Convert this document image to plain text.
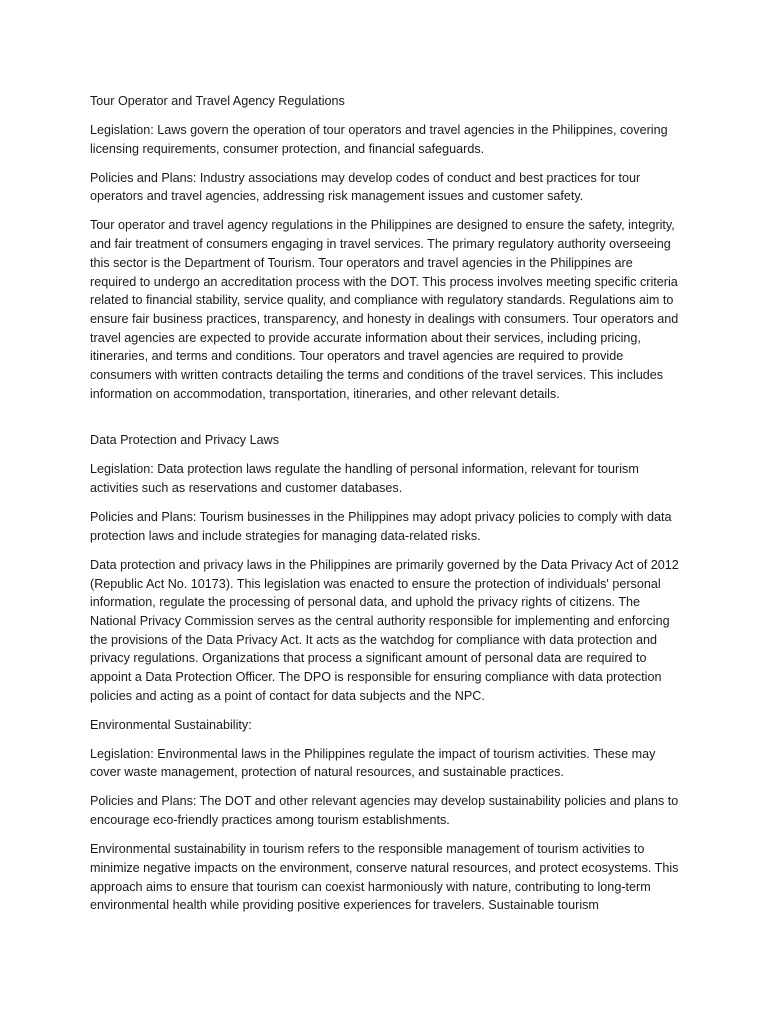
Tour Operator and Travel Agency Regulations

Legislation: Laws govern the operation of tour operators and travel agencies in the Philippines, covering licensing requirements, consumer protection, and financial safeguards.

Policies and Plans: Industry associations may develop codes of conduct and best practices for tour operators and travel agencies, addressing risk management issues and customer safety.

Tour operator and travel agency regulations in the Philippines are designed to ensure the safety, integrity, and fair treatment of consumers engaging in travel services. The primary regulatory authority overseeing this sector is the Department of Tourism. Tour operators and travel agencies in the Philippines are required to undergo an accreditation process with the DOT. This process involves meeting specific criteria related to financial stability, service quality, and compliance with regulatory standards. Regulations aim to ensure fair business practices, transparency, and honesty in dealings with consumers. Tour operators and travel agencies are expected to provide accurate information about their services, including pricing, itineraries, and terms and conditions. Tour operators and travel agencies are required to provide consumers with written contracts detailing the terms and conditions of the travel services. This includes information on accommodation, transportation, itineraries, and other relevant details.

Data Protection and Privacy Laws

Legislation: Data protection laws regulate the handling of personal information, relevant for tourism activities such as reservations and customer databases.

Policies and Plans: Tourism businesses in the Philippines may adopt privacy policies to comply with data protection laws and include strategies for managing data-related risks.

Data protection and privacy laws in the Philippines are primarily governed by the Data Privacy Act of 2012 (Republic Act No. 10173). This legislation was enacted to ensure the protection of individuals' personal information, regulate the processing of personal data, and uphold the privacy rights of citizens. The National Privacy Commission serves as the central authority responsible for implementing and enforcing the provisions of the Data Privacy Act. It acts as the watchdog for compliance with data protection and privacy regulations. Organizations that process a significant amount of personal data are required to appoint a Data Protection Officer. The DPO is responsible for ensuring compliance with data protection policies and acting as a point of contact for data subjects and the NPC.

Environmental Sustainability:

Legislation: Environmental laws in the Philippines regulate the impact of tourism activities. These may cover waste management, protection of natural resources, and sustainable practices.

Policies and Plans: The DOT and other relevant agencies may develop sustainability policies and plans to encourage eco-friendly practices among tourism establishments.

Environmental sustainability in tourism refers to the responsible management of tourism activities to minimize negative impacts on the environment, conserve natural resources, and protect ecosystems. This approach aims to ensure that tourism can coexist harmoniously with nature, contributing to long-term environmental health while providing positive experiences for travelers. Sustainable tourism
